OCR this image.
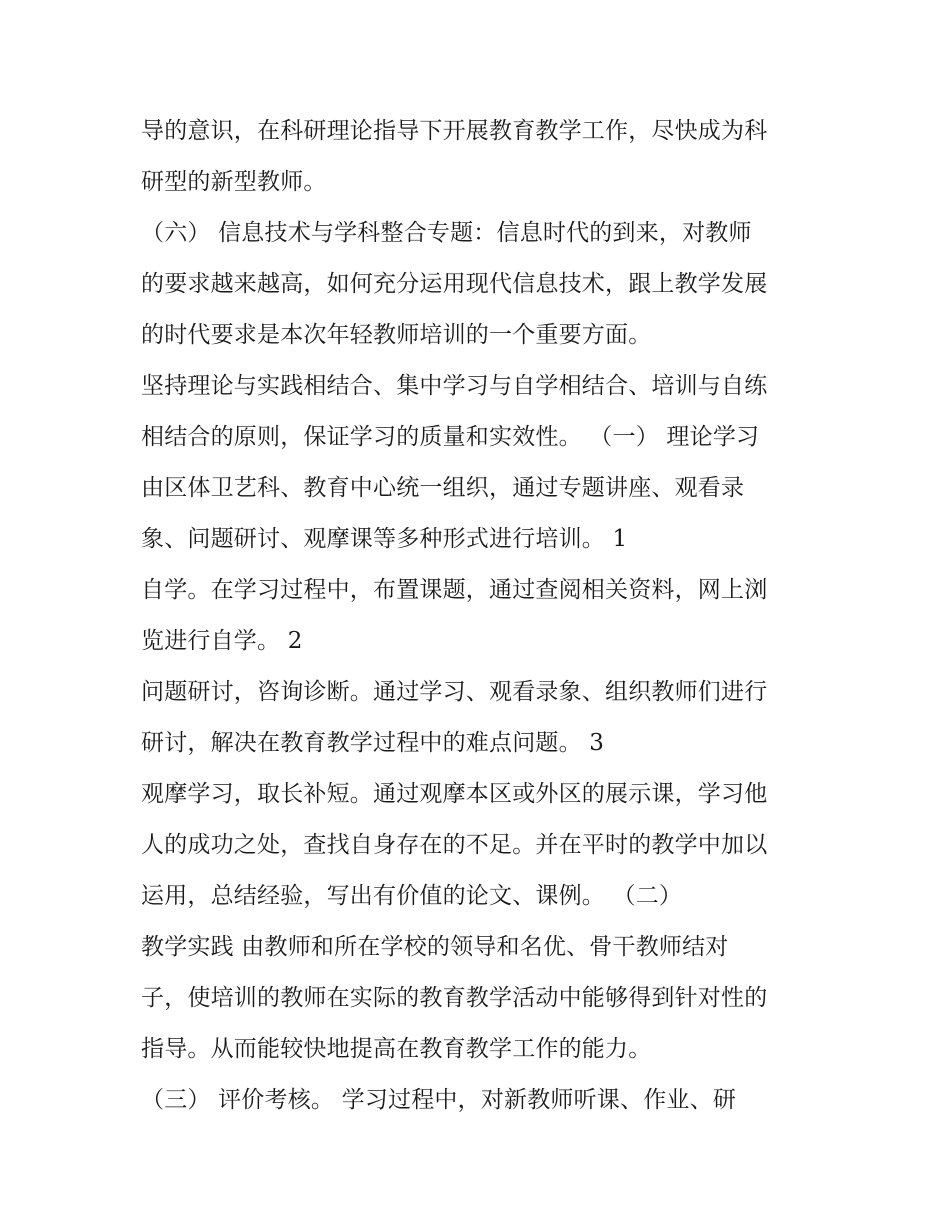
导的意识，在科研理论指导下开展教育教学工作，尽快成为科
研型的新型教师。
（六） 信息技术与学科整合专题：信息时代的到来，对教师
的要求越来越高，如何充分运用现代信息技术，跟上教学发展
的时代要求是本次年轻教师培训的一个重要方面。
坚持理论与实践相结合、集中学习与自学相结合、培训与自练
相结合的原则，保证学习的质量和实效性。 （一） 理论学习
由区体卫艺科、教育中心统一组织，通过专题讲座、观看录
象、问题研讨、观摩课等多种形式进行培训。 1
自学。在学习过程中，布置课题，通过查阅相关资料，网上浏
览进行自学。 2
问题研讨，咨询诊断。通过学习、观看录象、组织教师们进行
研讨，解决在教育教学过程中的难点问题。 3
观摩学习，取长补短。通过观摩本区或外区的展示课，学习他
人的成功之处，查找自身存在的不足。并在平时的教学中加以
运用，总结经验，写出有价值的论文、课例。 （二）
教学实践 由教师和所在学校的领导和名优、骨干教师结对
子，使培训的教师在实际的教育教学活动中能够得到针对性的
指导。从而能较快地提高在教育教学工作的能力。
（三） 评价考核。 学习过程中，对新教师听课、作业、研
